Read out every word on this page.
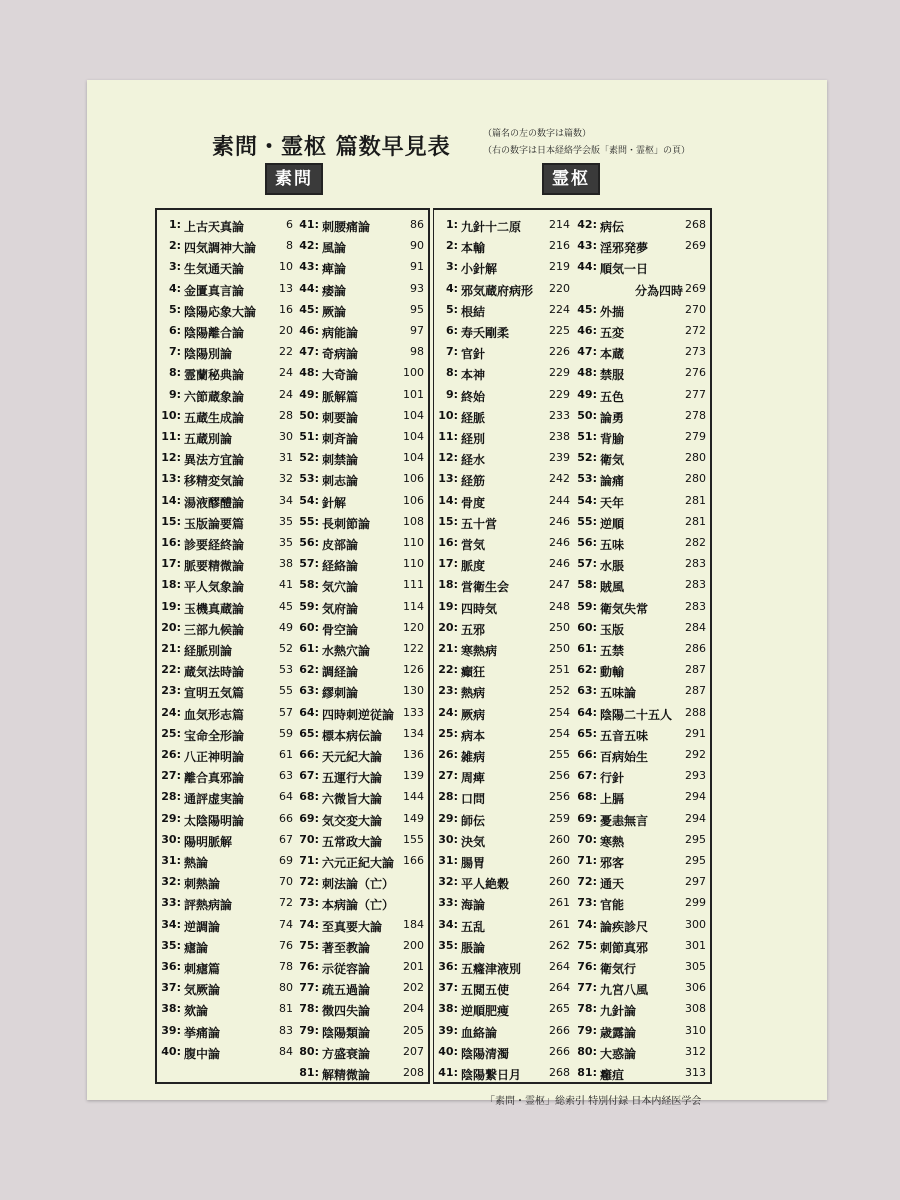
素問・霊枢 篇数早見表
（篇名の左の数字は篇数）
（右の数字は日本経絡学会版「素問・霊枢」の頁）
素問	霊枢
1: 上古天真論	6
2: 四気調神大論	8
3: 生気通天論	10
4: 金匱真言論	13
5: 陰陽応象大論 16
6: 陰陽離合論	20
7: 陰陽別論	22
8: 霊蘭秘典論	24
9: 六節蔵象論	24
10: 五蔵生成論	28
11: 五蔵別論	30
12: 異法方宜論	31
13: 移精変気論	32
14: 湯液醪醴論	34
15: 玉版論要篇	35
16: 診要経終論	35
17: 脈要精微論	38
18: 平人気象論	41
19: 玉機真蔵論	45
20: 三部九候論	49
21: 経脈別論	52
22: 蔵気法時論	53
23: 宣明五気篇	55
24: 血気形志篇	57
25: 宝命全形論	59
26: 八正神明論	61
27: 離合真邪論	63
28: 通評虚実論	64
29: 太陰陽明論	66
30: 陽明脈解	67
31: 熱論	69
32: 刺熱論	70
33: 評熱病論	72
34: 逆調論	74
35: 瘧論	76
36: 刺瘧篇	78
37: 気厥論	80
38: 欬論	81
39: 挙痛論	83
40: 腹中論	84
41: 刺腰痛論	86
42: 風論	90
43: 痺論	91
44: 痿論	93
45: 厥論	95
46: 病能論	97
47: 奇病論	98
48: 大奇論	100
49: 脈解篇	101
50: 刺要論	104
51: 刺斉論	104
52: 刺禁論	104
53: 刺志論	106
54: 針解	106
55: 長刺節論	108
56: 皮部論	110
57: 経絡論	110
58: 気穴論	111
59: 気府論	114
60: 骨空論	120
61: 水熱穴論	122
62: 調経論	126
63: 繆刺論	130
64: 四時刺逆従論 133
65: 標本病伝論 134
66: 天元紀大論 136
67: 五運行大論 139
68: 六微旨大論 144
69: 気交変大論 149
70: 五常政大論 155
71: 六元正紀大論 166
72: 刺法論（亡）
73: 本病論（亡）
74: 至真要大論 184
75: 著至教論	200
76: 示従容論	201
77: 疏五過論	202
78: 徴四失論	204
79: 陰陽類論	205
80: 方盛衰論	207
81: 解精微論	208
1: 九針十二原	214
2: 本輸	216
3: 小針解	219
4: 邪気蔵府病形 220
5: 根結	224
6: 寿夭剛柔	225
7: 官針	226
8: 本神	229
9: 終始	229
10: 経脈	233
11: 経別	238
12: 経水	239
13: 経筋	242
14: 骨度	244
15: 五十営	246
16: 営気	246
17: 脈度	246
18: 営衛生会	247
19: 四時気	248
20: 五邪	250
21: 寒熱病	250
22: 癲狂	251
23: 熱病	252
24: 厥病	254
25: 病本	254
26: 雑病	255
27: 周痺	256
28: 口問	256
29: 師伝	259
30: 決気	260
31: 腸胃	260
32: 平人絶穀	260
33: 海論	261
34: 五乱	261
35: 脹論	262
36: 五癃津液別	264
37: 五閲五使	264
38: 逆順肥痩	265
39: 血絡論	266
40: 陰陽清濁	266
41: 陰陽繋日月	268
42: 病伝	268
43: 淫邪発夢	269
44: 順気一日
分為四時 269
45: 外揣	270
46: 五変	272
47: 本蔵	273
48: 禁服	276
49: 五色	277
50: 論勇	278
51: 背腧	279
52: 衛気	280
53: 論痛	280
54: 天年	281
55: 逆順	281
56: 五味	282
57: 水脹	283
58: 賊風	283
59: 衛気失常	283
60: 玉版	284
61: 五禁	286
62: 動輸	287
63: 五味論	287
64: 陰陽二十五人 288
65: 五音五味	291
66: 百病始生	292
67: 行針	293
68: 上膈	294
69: 憂恚無言	294
70: 寒熱	295
71: 邪客	295
72: 通天	297
73: 官能	299
74: 論疾診尺	300
75: 刺節真邪	301
76: 衛気行	305
77: 九宮八風	306
78: 九針論	308
79: 歳露論	310
80: 大惑論	312
81: 癰疽	313
「素問・霊枢」総索引 特別付録 日本内経医学会
